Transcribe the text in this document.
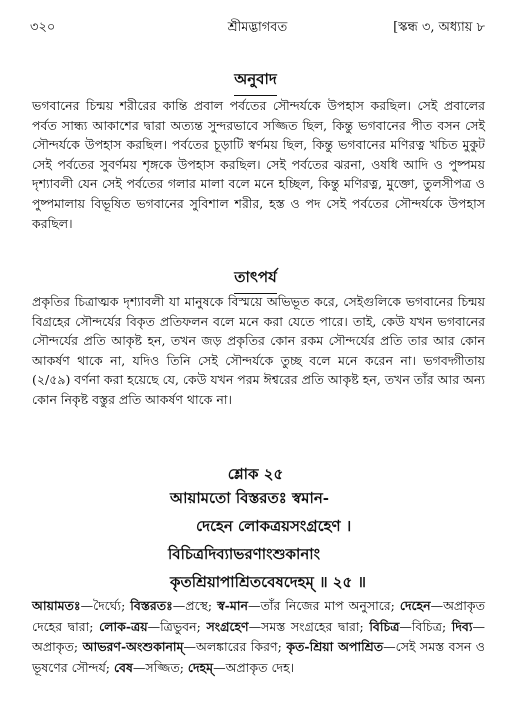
৩২০	শ্রীমদ্ভাগবত	[স্কন্ধ ৩, অধ্যায় ৮
অনুবাদ
ভগবানের চিন্ময় শরীরের কান্তি প্রবাল পর্বতের সৌন্দর্যকে উপহাস করছিল। সেই প্রবালের পর্বত সান্ধ্য আকাশের দ্বারা অত্যন্ত সুন্দরভাবে সজ্জিত ছিল, কিন্তু ভগবানের পীত বসন সেই সৌন্দর্যকে উপহাস করছিল। পর্বতের চূড়াটি স্বর্ণময় ছিল, কিন্তু ভগবানের মণিরত্ন খচিত মুকুট সেই পর্বতের সুবর্ণময় শৃঙ্গকে উপহাস করছিল। সেই পর্বতের ঝরনা, ওষধি আদি ও পুষ্পময় দৃশ্যাবলী যেন সেই পর্বতের গলার মালা বলে মনে হচ্ছিল, কিন্তু মণিরত্ন, মুক্তো, তুলসীপত্র ও পুষ্পমালায় বিভূষিত ভগবানের সুবিশাল শরীর, হস্ত ও পদ সেই পর্বতের সৌন্দর্যকে উপহাস করছিল।
তাৎপর্য
প্রকৃতির চিত্রাত্মক দৃশ্যাবলী যা মানুষকে বিস্ময়ে অভিভূত করে, সেইগুলিকে ভগবানের চিন্ময় বিগ্রহের সৌন্দর্যের বিকৃত প্রতিফলন বলে মনে করা যেতে পারে। তাই, কেউ যখন ভগবানের সৌন্দর্যের প্রতি আকৃষ্ট হন, তখন জড় প্রকৃতির কোন রকম সৌন্দর্যের প্রতি তার আর কোন আকর্ষণ থাকে না, যদিও তিনি সেই সৌন্দর্যকে তুচ্ছ বলে মনে করেন না। ভগবদ্গীতায় (২/৫৯) বর্ণনা করা হয়েছে যে, কেউ যখন পরম ঈশ্বরের প্রতি আকৃষ্ট হন, তখন তাঁর আর অন্য কোন নিকৃষ্ট বস্তুর প্রতি আকর্ষণ থাকে না।
শ্লোক ২৫
আয়ামতো বিস্তরতঃ স্বমান-
দেহেন লোকত্রয়সংগ্রহেণ ।
বিচিত্রদিব্যাভরণাংশুকানাং
কৃতশ্রিয়াপাশ্রিতবেষদেহম্ ॥ ২৫ ॥
আয়ামতঃ—দৈর্ঘ্যে; বিস্তরতঃ—প্রস্থে; স্ব-মান—তাঁর নিজের মাপ অনুসারে; দেহেন—অপ্রাকৃত দেহের দ্বারা; লোক-ত্রয়—ত্রিভুবন; সংগ্রহেণ—সমস্ত সংগ্রহের দ্বারা; বিচিত্র—বিচিত্র; দিব্য—অপ্রাকৃত; আভরণ-অংশুকানাম্—অলঙ্কারের কিরণ; কৃত-শ্রিয়া অপাশ্রিত—সেই সমস্ত বসন ও ভূষণের সৌন্দর্য; বেষ—সজ্জিত; দেহম্—অপ্রাকৃত দেহ।
